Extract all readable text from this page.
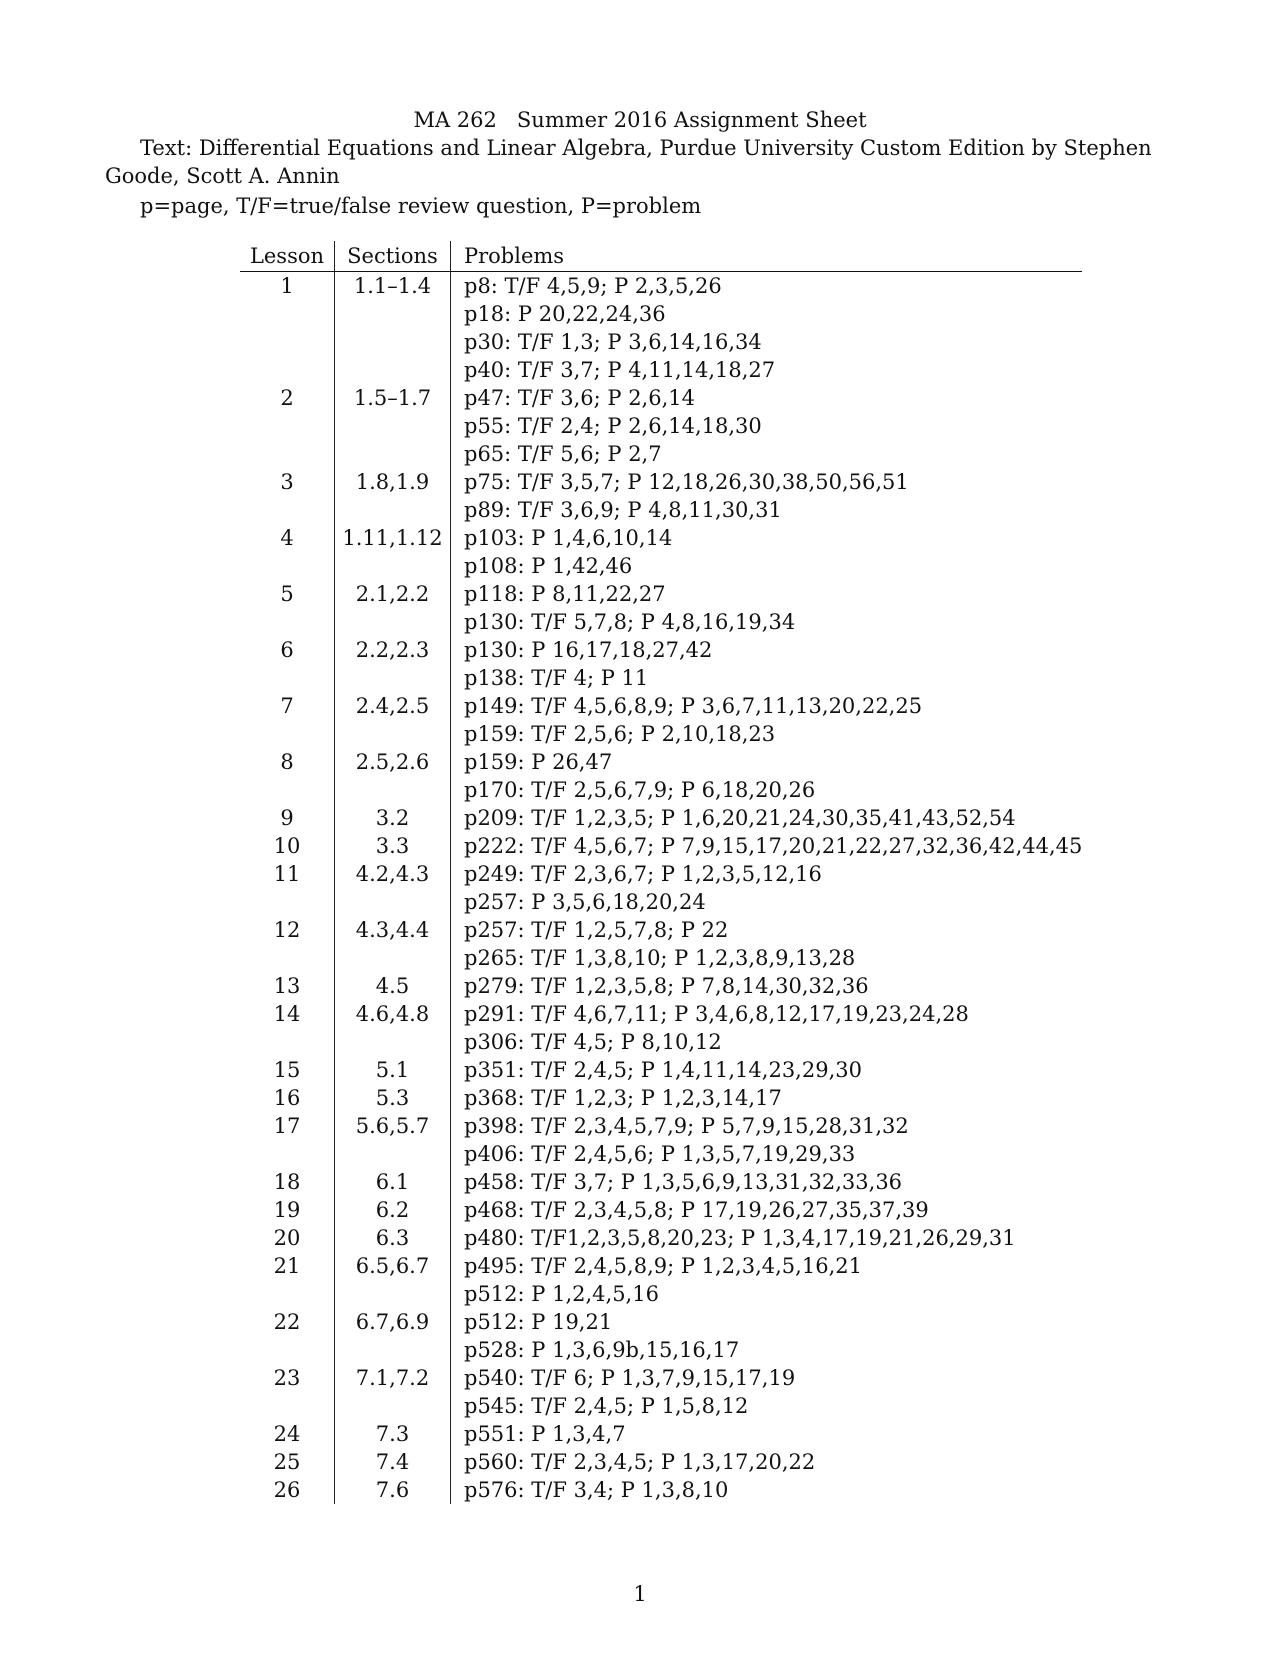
MA 262   Summer 2016 Assignment Sheet
Text: Differential Equations and Linear Algebra, Purdue University Custom Edition by Stephen Goode, Scott A. Annin
p=page, T/F=true/false review question, P=problem
Lesson	Sections	Problems
1	1.1–1.4	p8: T/F 4,5,9; P 2,3,5,26
		p18: P 20,22,24,36
		p30: T/F 1,3; P 3,6,14,16,34
		p40: T/F 3,7; P 4,11,14,18,27
2	1.5–1.7	p47: T/F 3,6; P 2,6,14
		p55: T/F 2,4; P 2,6,14,18,30
		p65: T/F 5,6; P 2,7
3	1.8,1.9	p75: T/F 3,5,7; P 12,18,26,30,38,50,56,51
		p89: T/F 3,6,9; P 4,8,11,30,31
4	1.11,1.12	p103: P 1,4,6,10,14
		p108: P 1,42,46
5	2.1,2.2	p118: P 8,11,22,27
		p130: T/F 5,7,8; P 4,8,16,19,34
6	2.2,2.3	p130: P 16,17,18,27,42
		p138: T/F 4; P 11
7	2.4,2.5	p149: T/F 4,5,6,8,9; P 3,6,7,11,13,20,22,25
		p159: T/F 2,5,6; P 2,10,18,23
8	2.5,2.6	p159: P 26,47
		p170: T/F 2,5,6,7,9; P 6,18,20,26
9	3.2	p209: T/F 1,2,3,5; P 1,6,20,21,24,30,35,41,43,52,54
10	3.3	p222: T/F 4,5,6,7; P 7,9,15,17,20,21,22,27,32,36,42,44,45
11	4.2,4.3	p249: T/F 2,3,6,7; P 1,2,3,5,12,16
		p257: P 3,5,6,18,20,24
12	4.3,4.4	p257: T/F 1,2,5,7,8; P 22
		p265: T/F 1,3,8,10; P 1,2,3,8,9,13,28
13	4.5	p279: T/F 1,2,3,5,8; P 7,8,14,30,32,36
14	4.6,4.8	p291: T/F 4,6,7,11; P 3,4,6,8,12,17,19,23,24,28
		p306: T/F 4,5; P 8,10,12
15	5.1	p351: T/F 2,4,5; P 1,4,11,14,23,29,30
16	5.3	p368: T/F 1,2,3; P 1,2,3,14,17
17	5.6,5.7	p398: T/F 2,3,4,5,7,9; P 5,7,9,15,28,31,32
		p406: T/F 2,4,5,6; P 1,3,5,7,19,29,33
18	6.1	p458: T/F 3,7; P 1,3,5,6,9,13,31,32,33,36
19	6.2	p468: T/F 2,3,4,5,8; P 17,19,26,27,35,37,39
20	6.3	p480: T/F1,2,3,5,8,20,23; P 1,3,4,17,19,21,26,29,31
21	6.5,6.7	p495: T/F 2,4,5,8,9; P 1,2,3,4,5,16,21
		p512: P 1,2,4,5,16
22	6.7,6.9	p512: P 19,21
		p528: P 1,3,6,9b,15,16,17
23	7.1,7.2	p540: T/F 6; P 1,3,7,9,15,17,19
		p545: T/F 2,4,5; P 1,5,8,12
24	7.3	p551: P 1,3,4,7
25	7.4	p560: T/F 2,3,4,5; P 1,3,17,20,22
26	7.6	p576: T/F 3,4; P 1,3,8,10
1
